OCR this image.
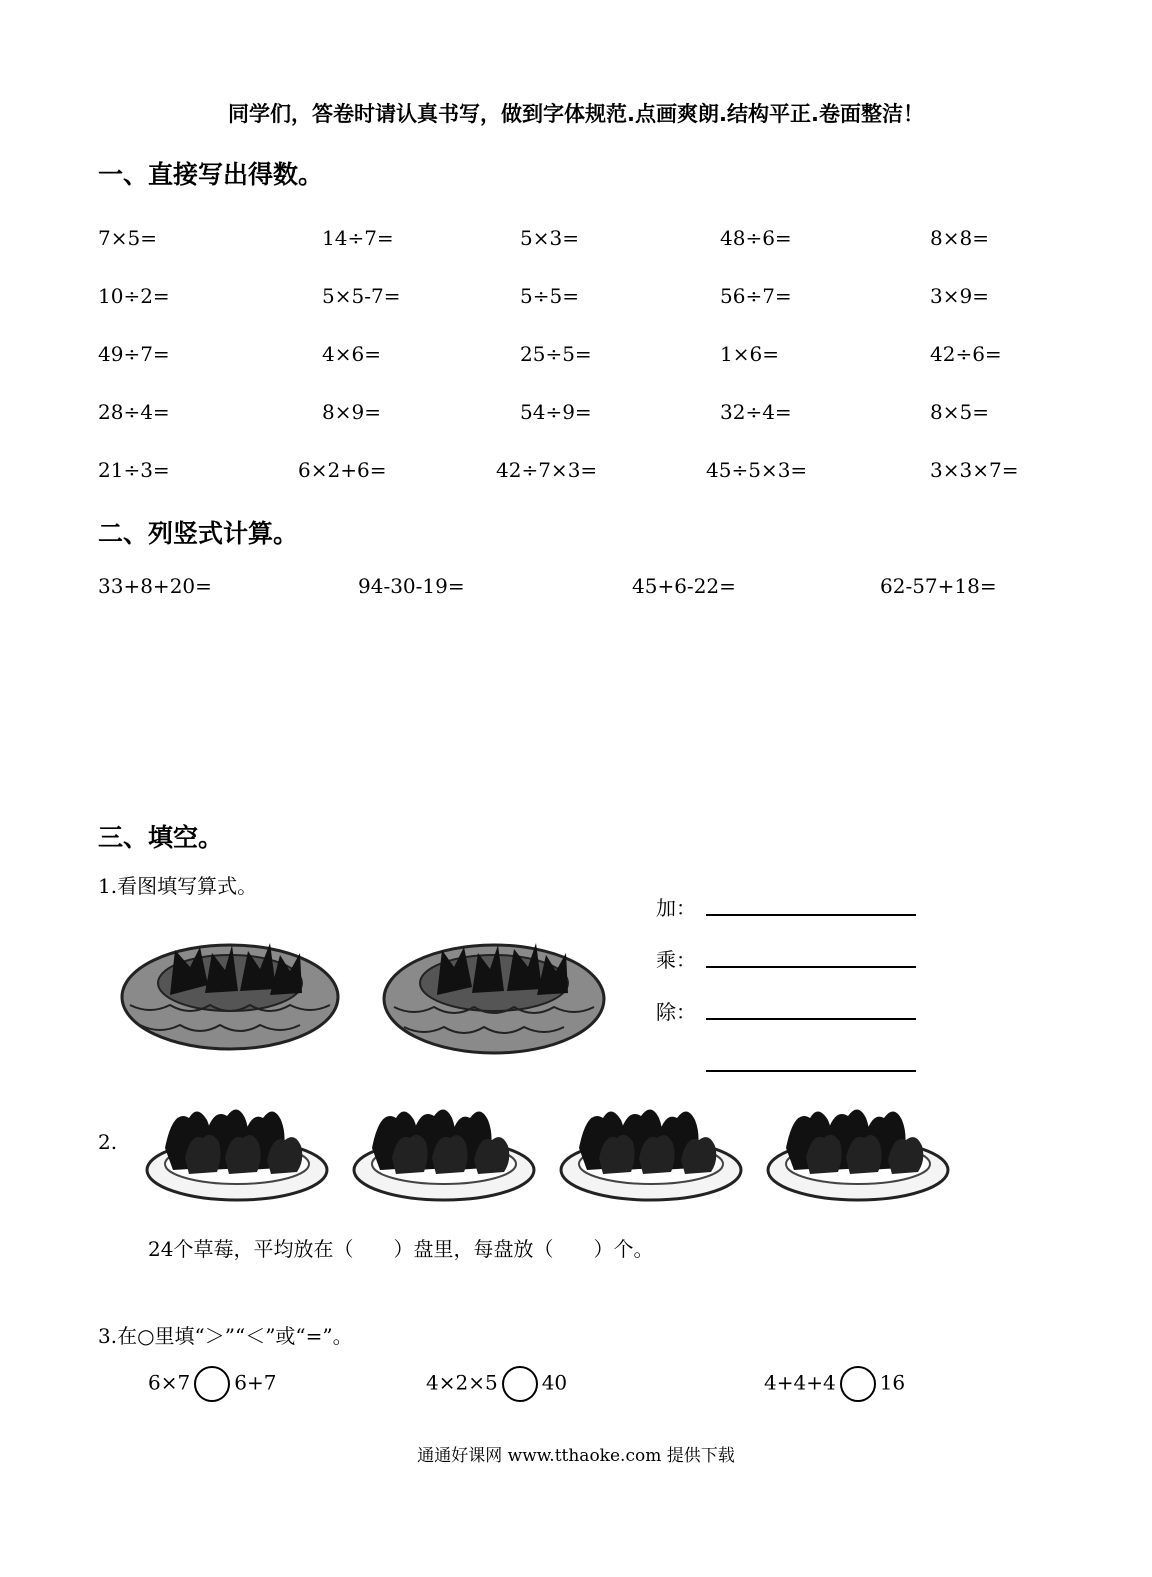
同学们，答卷时请认真书写，做到字体规范.点画爽朗.结构平正.卷面整洁！
一、直接写出得数。
7×5=	14÷7=	5×3=	48÷6=	8×8=
10÷2=	5×5-7=	5÷5=	56÷7=	3×9=
49÷7=	4×6=	25÷5=	1×6=	42÷6=
28÷4=	8×9=	54÷9=	32÷4=	8×5=
21÷3=	6×2+6=	42÷7×3=	45÷5×3=	3×3×7=
二、列竖式计算。
33+8+20=	94-30-19=	45+6-22=	62-57+18=
三、填空。
1.看图填写算式。
加：
乘：
除：
2.
24个草莓，平均放在（　　）盘里，每盘放（　　）个。
3.在○里填“＞”“＜”或“=”。
6×7 6+7	4×2×5 40	4+4+4 16
通通好课网 www.tthaoke.com 提供下载
